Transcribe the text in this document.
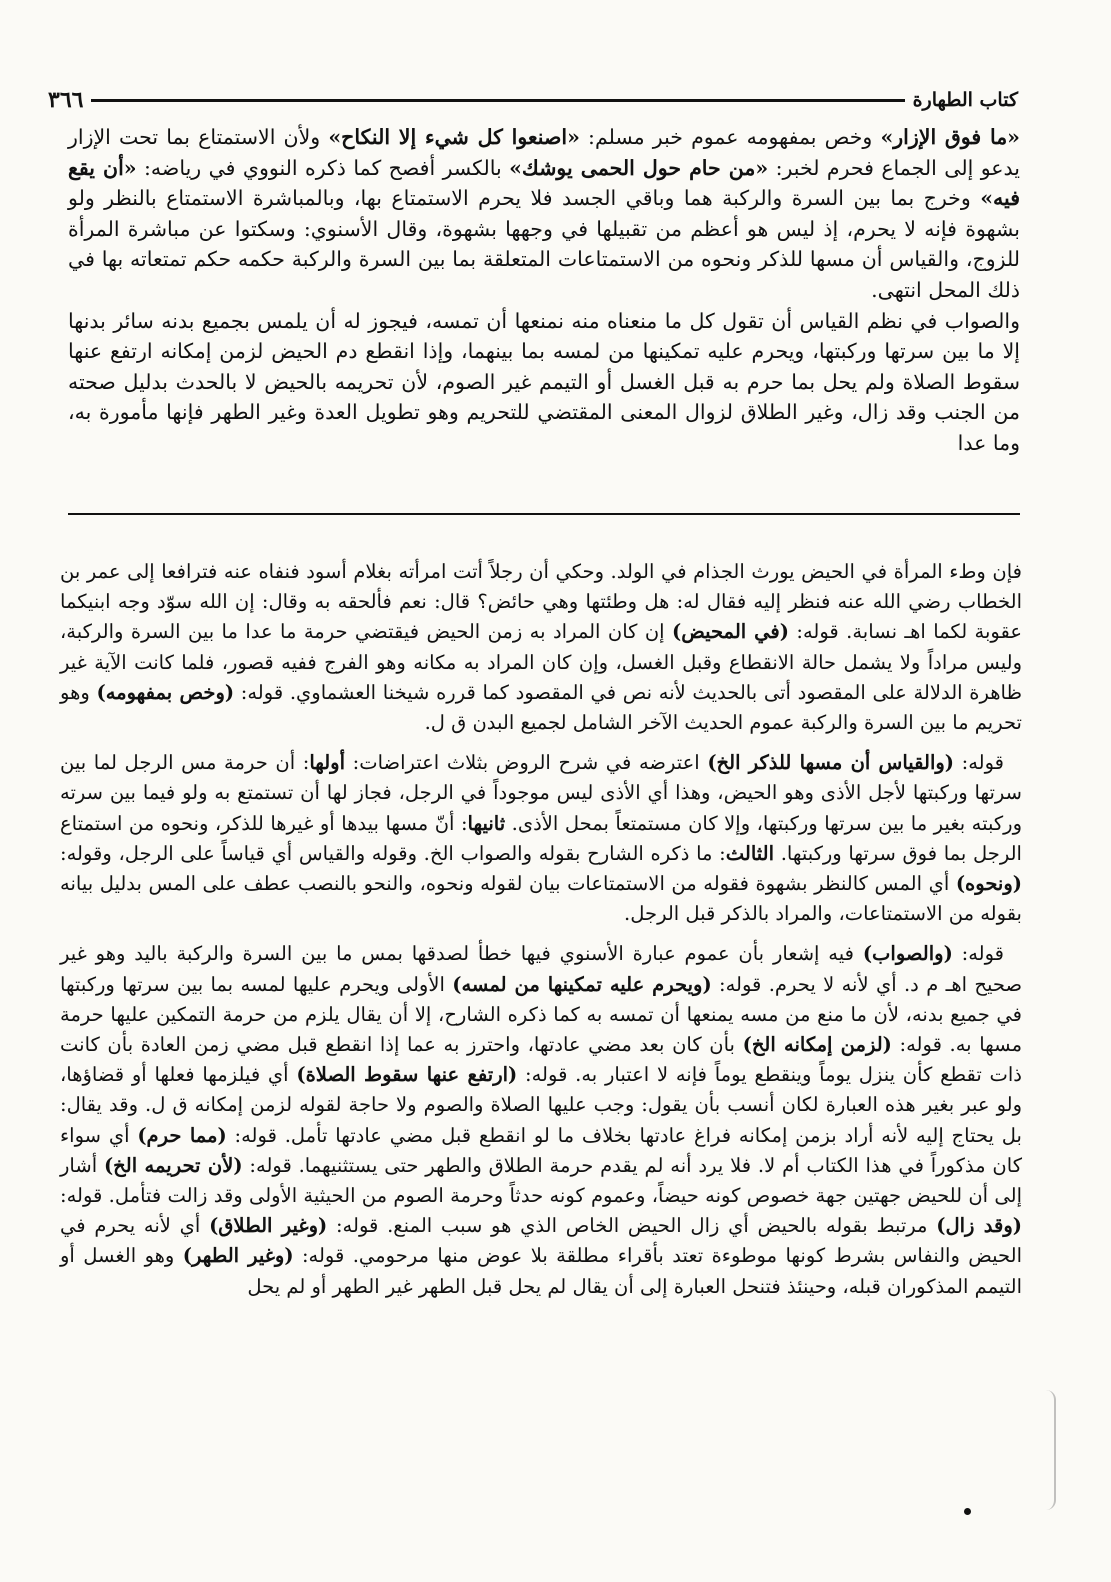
٣٦٦	كتاب الطهارة

«ما فوق الإزار» وخص بمفهومه عموم خبر مسلم: «اصنعوا كل شيء إلا النكاح» ولأن الاستمتاع بما تحت الإزار يدعو إلى الجماع فحرم لخبر: «من حام حول الحمى يوشك» بالكسر أفصح كما ذكره النووي في رياضه: «أن يقع فيه» وخرج بما بين السرة والركبة هما وباقي الجسد فلا يحرم الاستمتاع بها، وبالمباشرة الاستمتاع بالنظر ولو بشهوة فإنه لا يحرم، إذ ليس هو أعظم من تقبيلها في وجهها بشهوة، وقال الأسنوي: وسكتوا عن مباشرة المرأة للزوج، والقياس أن مسها للذكر ونحوه من الاستمتاعات المتعلقة بما بين السرة والركبة حكمه حكم تمتعاته بها في ذلك المحل انتهى.

والصواب في نظم القياس أن تقول كل ما منعناه منه نمنعها أن تمسه، فيجوز له أن يلمس بجميع بدنه سائر بدنها إلا ما بين سرتها وركبتها، ويحرم عليه تمكينها من لمسه بما بينهما، وإذا انقطع دم الحيض لزمن إمكانه ارتفع عنها سقوط الصلاة ولم يحل بما حرم به قبل الغسل أو التيمم غير الصوم، لأن تحريمه بالحيض لا بالحدث بدليل صحته من الجنب وقد زال، وغير الطلاق لزوال المعنى المقتضي للتحريم وهو تطويل العدة وغير الطهر فإنها مأمورة به، وما عدا

فإن وطء المرأة في الحيض يورث الجذام في الولد. وحكي أن رجلاً أتت امرأته بغلام أسود فنفاه عنه فترافعا إلى عمر بن الخطاب رضي الله عنه فنظر إليه فقال له: هل وطئتها وهي حائض؟ قال: نعم فألحقه به وقال: إن الله سوّد وجه ابنيكما عقوبة لكما اهـ نسابة. قوله: (في المحيض) إن كان المراد به زمن الحيض فيقتضي حرمة ما عدا ما بين السرة والركبة، وليس مراداً ولا يشمل حالة الانقطاع وقبل الغسل، وإن كان المراد به مكانه وهو الفرج ففيه قصور، فلما كانت الآية غير ظاهرة الدلالة على المقصود أتى بالحديث لأنه نص في المقصود كما قرره شيخنا العشماوي. قوله: (وخص بمفهومه) وهو تحريم ما بين السرة والركبة عموم الحديث الآخر الشامل لجميع البدن ق ل.

قوله: (والقياس أن مسها للذكر الخ) اعترضه في شرح الروض بثلاث اعتراضات: أولها: أن حرمة مس الرجل لما بين سرتها وركبتها لأجل الأذى وهو الحيض، وهذا أي الأذى ليس موجوداً في الرجل، فجاز لها أن تستمتع به ولو فيما بين سرته وركبته بغير ما بين سرتها وركبتها، وإلا كان مستمتعاً بمحل الأذى. ثانيها: أنّ مسها بيدها أو غيرها للذكر، ونحوه من استمتاع الرجل بما فوق سرتها وركبتها. الثالث: ما ذكره الشارح بقوله والصواب الخ. وقوله والقياس أي قياساً على الرجل، وقوله: (ونحوه) أي المس كالنظر بشهوة فقوله من الاستمتاعات بيان لقوله ونحوه، والنحو بالنصب عطف على المس بدليل بيانه بقوله من الاستمتاعات، والمراد بالذكر قبل الرجل.

قوله: (والصواب) فيه إشعار بأن عموم عبارة الأسنوي فيها خطأ لصدقها بمس ما بين السرة والركبة باليد وهو غير صحيح اهـ م د. أي لأنه لا يحرم. قوله: (ويحرم عليه تمكينها من لمسه) الأولى ويحرم عليها لمسه بما بين سرتها وركبتها في جميع بدنه، لأن ما منع من مسه يمنعها أن تمسه به كما ذكره الشارح، إلا أن يقال يلزم من حرمة التمكين عليها حرمة مسها به. قوله: (لزمن إمكانه الخ) بأن كان بعد مضي عادتها، واحترز به عما إذا انقطع قبل مضي زمن العادة بأن كانت ذات تقطع كأن ينزل يوماً وينقطع يوماً فإنه لا اعتبار به. قوله: (ارتفع عنها سقوط الصلاة) أي فيلزمها فعلها أو قضاؤها، ولو عبر بغير هذه العبارة لكان أنسب بأن يقول: وجب عليها الصلاة والصوم ولا حاجة لقوله لزمن إمكانه ق ل. وقد يقال: بل يحتاج إليه لأنه أراد بزمن إمكانه فراغ عادتها بخلاف ما لو انقطع قبل مضي عادتها تأمل. قوله: (مما حرم) أي سواء كان مذكوراً في هذا الكتاب أم لا. فلا يرد أنه لم يقدم حرمة الطلاق والطهر حتى يستثنيهما. قوله: (لأن تحريمه الخ) أشار إلى أن للحيض جهتين جهة خصوص كونه حيضاً، وعموم كونه حدثاً وحرمة الصوم من الحيثية الأولى وقد زالت فتأمل. قوله: (وقد زال) مرتبط بقوله بالحيض أي زال الحيض الخاص الذي هو سبب المنع. قوله: (وغير الطلاق) أي لأنه يحرم في الحيض والنفاس بشرط كونها موطوءة تعتد بأقراء مطلقة بلا عوض منها مرحومي. قوله: (وغير الطهر) وهو الغسل أو التيمم المذكوران قبله، وحينئذ فتنحل العبارة إلى أن يقال لم يحل قبل الطهر غير الطهر أو لم يحل
